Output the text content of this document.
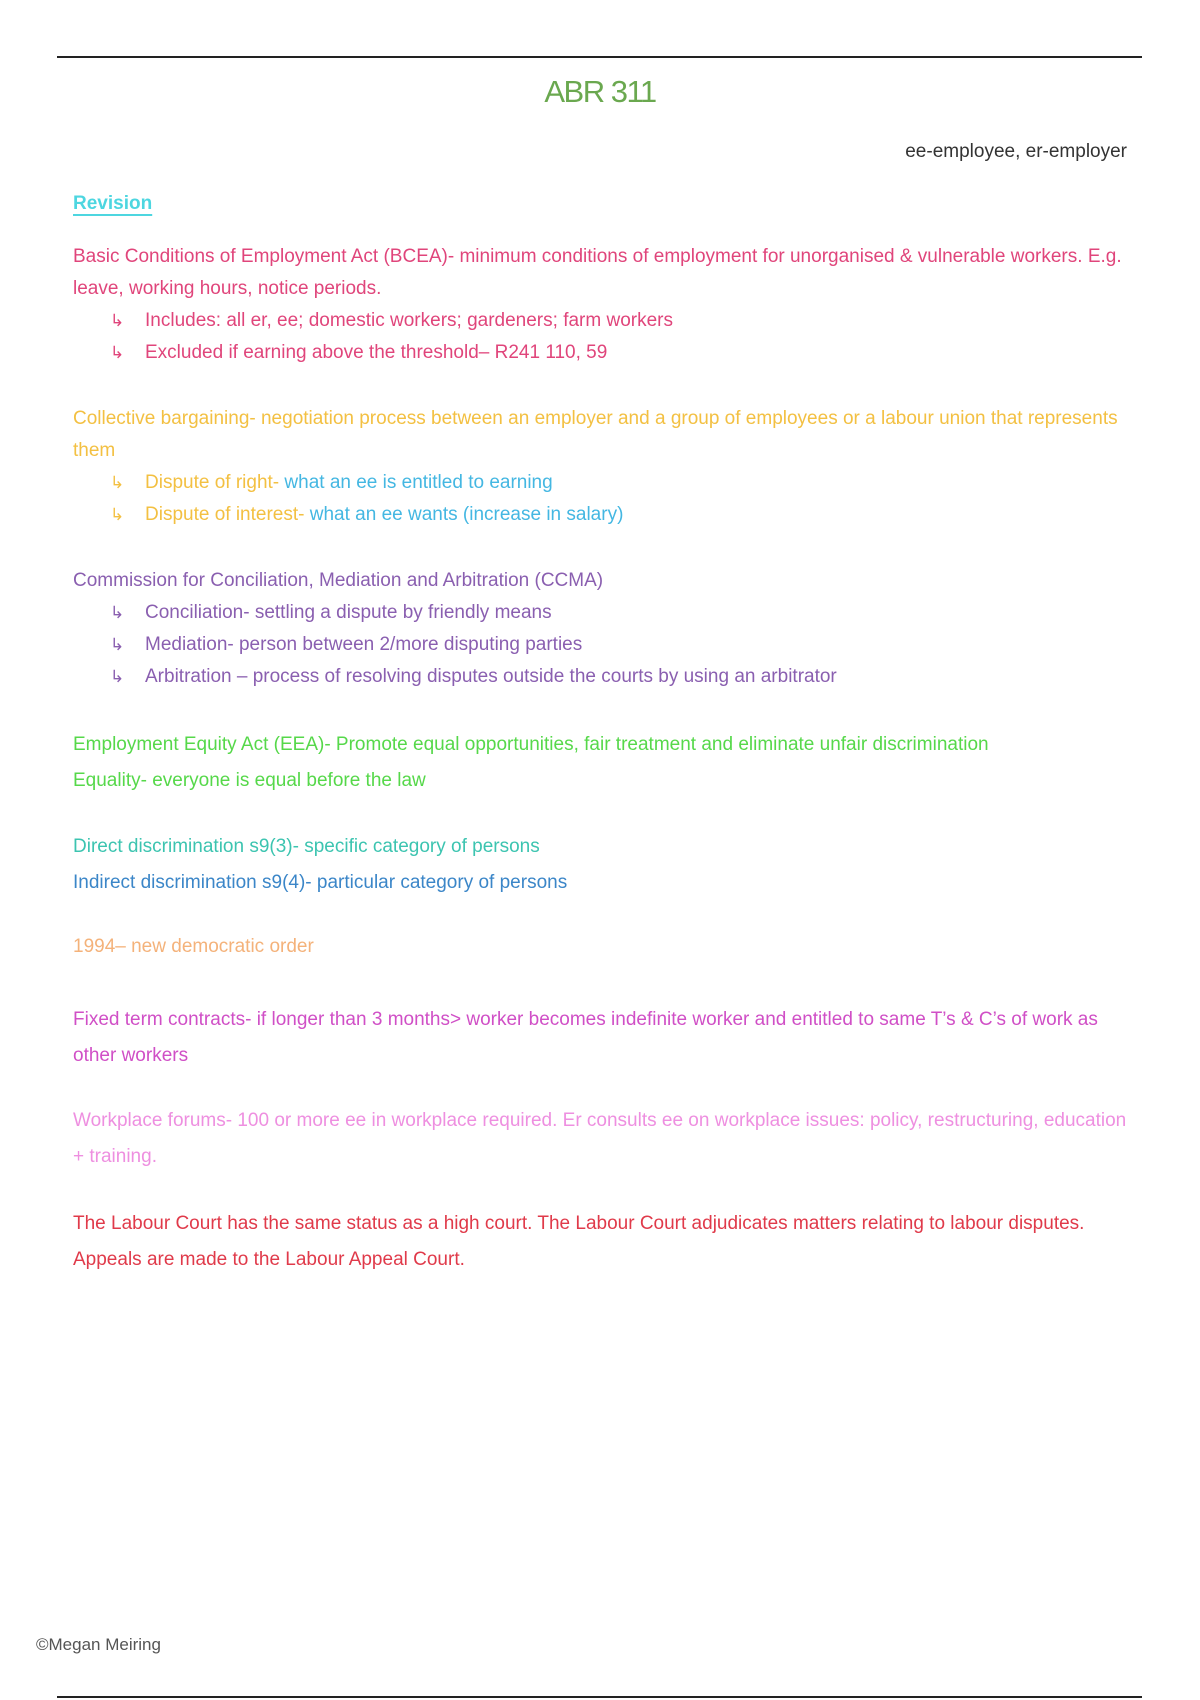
ABR 311
ee-employee, er-employer
Revision

Basic Conditions of Employment Act (BCEA)- minimum conditions of employment for unorganised & vulnerable workers. E.g. leave, working hours, notice periods.

↳ Includes: all er, ee; domestic workers; gardeners; farm workers
↳ Excluded if earning above the threshold– R241 110, 59

Collective bargaining- negotiation process between an employer and a group of employees or a labour union that represents them

↳ Dispute of right- what an ee is entitled to earning
↳ Dispute of interest- what an ee wants (increase in salary)

Commission for Conciliation, Mediation and Arbitration (CCMA)

↳ Conciliation- settling a dispute by friendly means
↳ Mediation- person between 2/more disputing parties
↳ Arbitration – process of resolving disputes outside the courts by using an arbitrator

Employment Equity Act (EEA)- Promote equal opportunities, fair treatment and eliminate unfair discrimination

Equality- everyone is equal before the law

Direct discrimination s9(3)- specific category of persons

Indirect discrimination s9(4)- particular category of persons

1994– new democratic order

Fixed term contracts- if longer than 3 months> worker becomes indefinite worker and entitled to same T’s & C’s of work as other workers

Workplace forums- 100 or more ee in workplace required. Er consults ee on workplace issues: policy, restructuring, education + training.

The Labour Court has the same status as a high court. The Labour Court adjudicates matters relating to labour disputes. Appeals are made to the Labour Appeal Court.

©Megan Meiring
